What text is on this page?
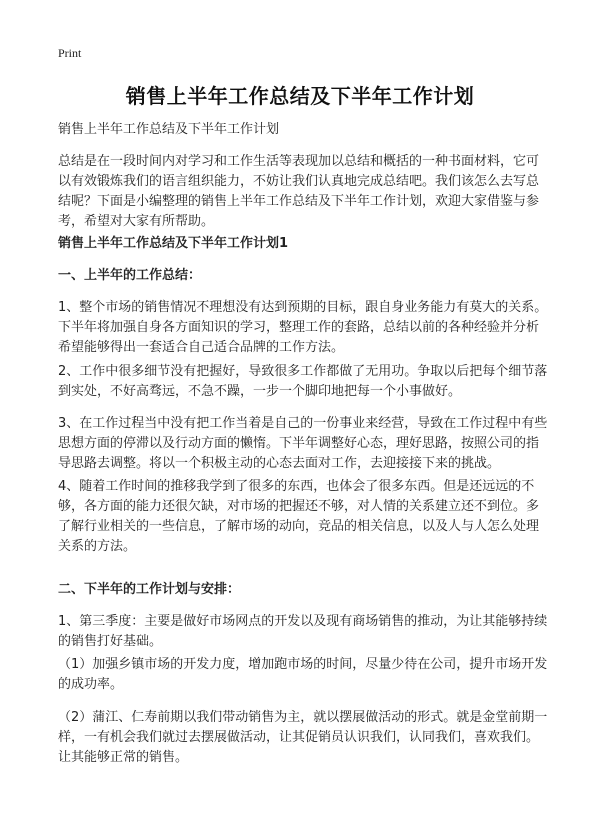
Print
销售上半年工作总结及下半年工作计划
销售上半年工作总结及下半年工作计划
总结是在一段时间内对学习和工作生活等表现加以总结和概括的一种书面材料，它可以有效锻炼我们的语言组织能力，不妨让我们认真地完成总结吧。我们该怎么去写总结呢？下面是小编整理的销售上半年工作总结及下半年工作计划，欢迎大家借鉴与参考，希望对大家有所帮助。
销售上半年工作总结及下半年工作计划1
一、上半年的工作总结：
1、整个市场的销售情况不理想没有达到预期的目标，跟自身业务能力有莫大的关系。下半年将加强自身各方面知识的学习，整理工作的套路，总结以前的各种经验并分析希望能够得出一套适合自己适合品牌的工作方法。
2、工作中很多细节没有把握好，导致很多工作都做了无用功。争取以后把每个细节落到实处，不好高骛远，不急不躁，一步一个脚印地把每一个小事做好。
3、在工作过程当中没有把工作当着是自己的一份事业来经营，导致在工作过程中有些思想方面的停滞以及行动方面的懒惰。下半年调整好心态，理好思路，按照公司的指导思路去调整。将以一个积极主动的心态去面对工作，去迎接接下来的挑战。
4、随着工作时间的推移我学到了很多的东西，也体会了很多东西。但是还远远的不够，各方面的能力还很欠缺，对市场的把握还不够，对人情的关系建立还不到位。多了解行业相关的一些信息，了解市场的动向，竞品的相关信息，以及人与人怎么处理关系的方法。
二、下半年的工作计划与安排：
1、第三季度：主要是做好市场网点的开发以及现有商场销售的推动，为让其能够持续的销售打好基础。
（1）加强乡镇市场的开发力度，增加跑市场的时间，尽量少待在公司，提升市场开发的成功率。
（2）蒲江、仁寿前期以我们带动销售为主，就以摆展做活动的形式。就是金堂前期一样，一有机会我们就过去摆展做活动，让其促销员认识我们，认同我们，喜欢我们。让其能够正常的销售。
